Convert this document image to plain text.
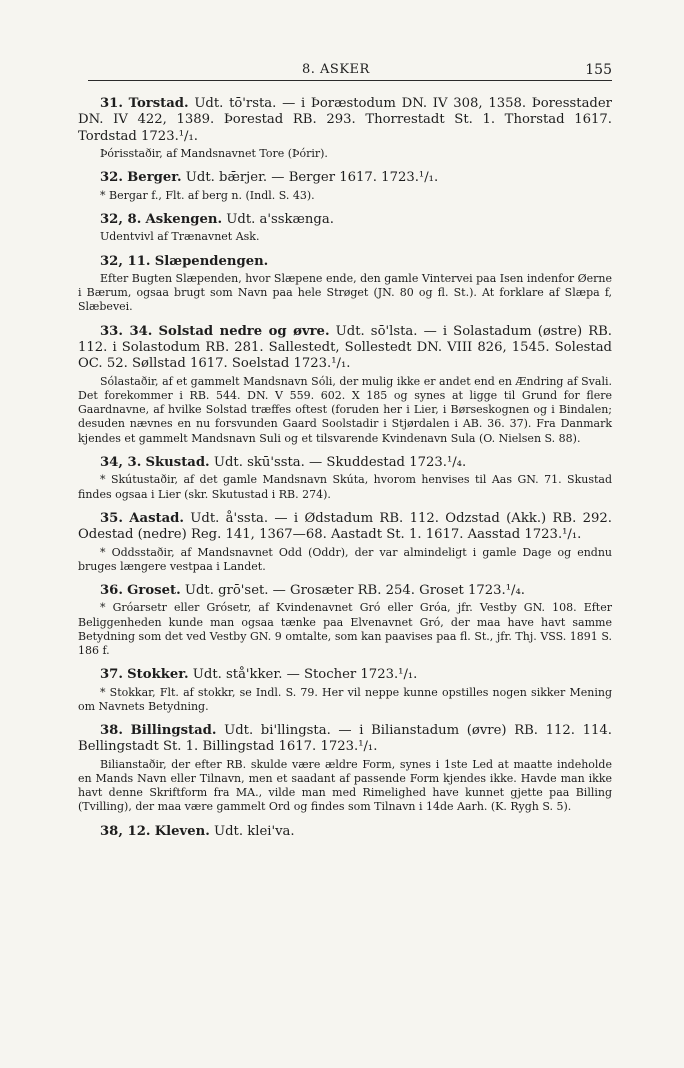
8. ASKER	155

31. Torstad. Udt. tō'rsta. — i Þoræstodum DN. IV 308, 1358. Þoresstader DN. IV 422, 1389. Þorestad RB. 293. Thorrestadt St. 1. Thorstad 1617. Tordstad 1723.¹/₁.

Þórisstaðir, af Mandsnavnet Tore (Þórir).

32. Berger. Udt. bǣrjer. — Berger 1617. 1723.¹/₁.

* Bergar f., Flt. af berg n. (Indl. S. 43).

32, 8. Askengen. Udt. a'sskænga.

Udentvivl af Trænavnet Ask.

32, 11. Slæpendengen.

Efter Bugten Slæpenden, hvor Slæpene ende, den gamle Vintervei paa Isen indenfor Øerne i Bærum, ogsaa brugt som Navn paa hele Strøget (JN. 80 og fl. St.). At forklare af Slæpa f, Slæbevei.

33. 34. Solstad nedre og øvre. Udt. sō'lsta. — i Solastadum (østre) RB. 112. i Solastodum RB. 281. Sallestedt, Sollestedt DN. VIII 826, 1545. Solestad OC. 52. Søllstad 1617. Soelstad 1723.¹/₁.

Sólastaðir, af et gammelt Mandsnavn Sóli, der mulig ikke er andet end en Ændring af Svali. Det forekommer i RB. 544. DN. V 559. 602. X 185 og synes at ligge til Grund for flere Gaardnavne, af hvilke Solstad træffes oftest (foruden her i Lier, i Børseskognen og i Bindalen; desuden nævnes en nu forsvunden Gaard Soolstadir i Stjørdalen i AB. 36. 37). Fra Danmark kjendes et gammelt Mandsnavn Suli og et tilsvarende Kvindenavn Sula (O. Nielsen S. 88).

34, 3. Skustad. Udt. skū'ssta. — Skuddestad 1723.¹/₄.

* Skútustaðir, af det gamle Mandsnavn Skúta, hvorom henvises til Aas GN. 71. Skustad findes ogsaa i Lier (skr. Skutustad i RB. 274).

35. Aastad. Udt. å'ssta. — i Ødstadum RB. 112. Odzstad (Akk.) RB. 292. Odestad (nedre) Reg. 141, 1367—68. Aastadt St. 1. 1617. Aasstad 1723.¹/₁.

* Oddsstaðir, af Mandsnavnet Odd (Oddr), der var almindeligt i gamle Dage og endnu bruges længere vestpaa i Landet.

36. Groset. Udt. grō'set. — Grosæter RB. 254. Groset 1723.¹/₄.

* Gróarsetr eller Grósetr, af Kvindenavnet Gró eller Gróa, jfr. Vestby GN. 108. Efter Beliggenheden kunde man ogsaa tænke paa Elvenavnet Gró, der maa have havt samme Betydning som det ved Vestby GN. 9 omtalte, som kan paavises paa fl. St., jfr. Thj. VSS. 1891 S. 186 f.

37. Stokker. Udt. stå'kker. — Stocher 1723.¹/₁.

* Stokkar, Flt. af stokkr, se Indl. S. 79. Her vil neppe kunne opstilles nogen sikker Mening om Navnets Betydning.

38. Billingstad. Udt. bi'llingsta. — i Bilianstadum (øvre) RB. 112. 114. Bellingstadt St. 1. Billingstad 1617. 1723.¹/₁.

Bilianstaðir, der efter RB. skulde være ældre Form, synes i 1ste Led at maatte indeholde en Mands Navn eller Tilnavn, men et saadant af passende Form kjendes ikke. Havde man ikke havt denne Skriftform fra MA., vilde man med Rimelighed have kunnet gjette paa Billing (Tvilling), der maa være gammelt Ord og findes som Tilnavn i 14de Aarh. (K. Rygh S. 5).

38, 12. Kleven. Udt. klei'va.
